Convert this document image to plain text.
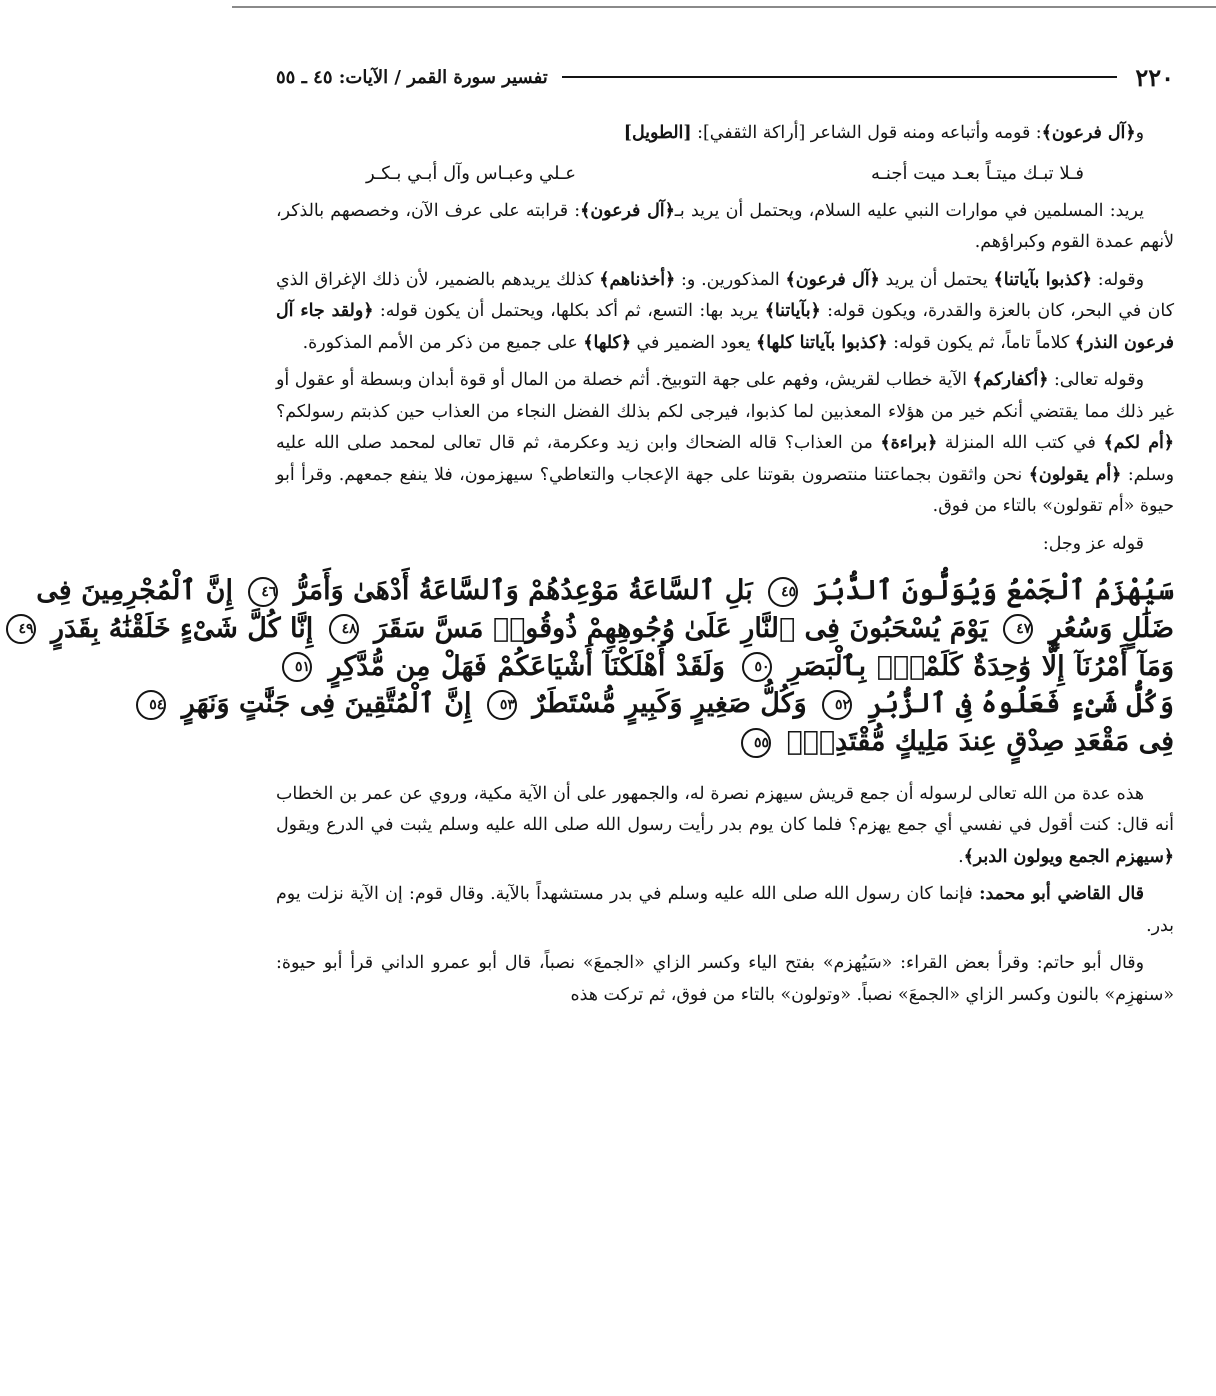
٢٢٠
تفسير سورة القمر / الآيات: ٤٥ ـ ٥٥

و﴿آل فرعون﴾: قومه وأتباعه ومنه قول الشاعر [أراكة الثقفي]: [الطويل]

فـلا تبـك ميتـاً بعـد ميت أجنـه
عـلي وعبـاس وآل أبـي بـكـر

يريد: المسلمين في موارات النبي عليه السلام، ويحتمل أن يريد بـ﴿آل فرعون﴾: قرابته على عرف الآن، وخصصهم بالذكر، لأنهم عمدة القوم وكبراؤهم.

وقوله: ﴿كذبوا بآياتنا﴾ يحتمل أن يريد ﴿آل فرعون﴾ المذكورين. و: ﴿أخذناهم﴾ كذلك يريدهم بالضمير، لأن ذلك الإغراق الذي كان في البحر، كان بالعزة والقدرة، ويكون قوله: ﴿بآياتنا﴾ يريد بها: التسع، ثم أكد بكلها، ويحتمل أن يكون قوله: ﴿ولقد جاء آل فرعون النذر﴾ كلاماً تاماً، ثم يكون قوله: ﴿كذبوا بآياتنا كلها﴾ يعود الضمير في ﴿كلها﴾ على جميع من ذكر من الأمم المذكورة.

وقوله تعالى: ﴿أكفاركم﴾ الآية خطاب لقريش، وفهم على جهة التوبيخ. أثم خصلة من المال أو قوة أبدان وبسطة أو عقول أو غير ذلك مما يقتضي أنكم خير من هؤلاء المعذبين لما كذبوا، فيرجى لكم بذلك الفضل النجاء من العذاب حين كذبتم رسولكم؟ ﴿أم لكم﴾ في كتب الله المنزلة ﴿براءة﴾ من العذاب؟ قاله الضحاك وابن زيد وعكرمة، ثم قال تعالى لمحمد صلى الله عليه وسلم: ﴿أم يقولون﴾ نحن واثقون بجماعتنا منتصرون بقوتنا على جهة الإعجاب والتعاطي؟ سيهزمون، فلا ينفع جمعهم. وقرأ أبو حيوة «أم تقولون» بالتاء من فوق.

قوله عز وجل:

سَيُهْزَمُ ٱلْجَمْعُ وَيُوَلُّونَ ٱلدُّبُرَ ٤٥ بَلِ ٱلسَّاعَةُ مَوْعِدُهُمْ وَٱلسَّاعَةُ أَدْهَىٰ وَأَمَرُّ ٤٦ إِنَّ ٱلْمُجْرِمِينَ فِى
ضَلَٰلٍ وَسُعُرٍ ٤٧ يَوْمَ يُسْحَبُونَ فِى ٱلنَّارِ عَلَىٰ وُجُوهِهِمْ ذُوقُوا۟ مَسَّ سَقَرَ ٤٨ إِنَّا كُلَّ شَىْءٍ خَلَقْنَٰهُ بِقَدَرٍ ٤٩
وَمَآ أَمْرُنَآ إِلَّا وَٰحِدَةٌ كَلَمْحٍۭ بِٱلْبَصَرِ ٥٠ وَلَقَدْ أَهْلَكْنَآ أَشْيَاعَكُمْ فَهَلْ مِن مُّدَّكِرٍ ٥١
وَكُلُّ شَىْءٍ فَعَلُوهُ فِى ٱلزُّبُرِ ٥٢ وَكُلُّ صَغِيرٍ وَكَبِيرٍ مُّسْتَطَرٌ ٥٣ إِنَّ ٱلْمُتَّقِينَ فِى جَنَّٰتٍ وَنَهَرٍ ٥٤
فِى مَقْعَدِ صِدْقٍ عِندَ مَلِيكٍ مُّقْتَدِرٍۭ ٥٥

هذه عدة من الله تعالى لرسوله أن جمع قريش سيهزم نصرة له، والجمهور على أن الآية مكية، وروي عن عمر بن الخطاب أنه قال: كنت أقول في نفسي أي جمع يهزم؟ فلما كان يوم بدر رأيت رسول الله صلى الله عليه وسلم يثبت في الدرع ويقول ﴿سيهزم الجمع ويولون الدبر﴾.

قال القاضي أبو محمد: فإنما كان رسول الله صلى الله عليه وسلم في بدر مستشهداً بالآية. وقال قوم: إن الآية نزلت يوم بدر.

وقال أبو حاتم: وقرأ بعض القراء: «سَيُهزم» بفتح الياء وكسر الزاي «الجمعَ» نصباً، قال أبو عمرو الداني قرأ أبو حيوة: «سنهزِم» بالنون وكسر الزاي «الجمعَ» نصباً. «وتولون» بالتاء من فوق، ثم تركت هذه
